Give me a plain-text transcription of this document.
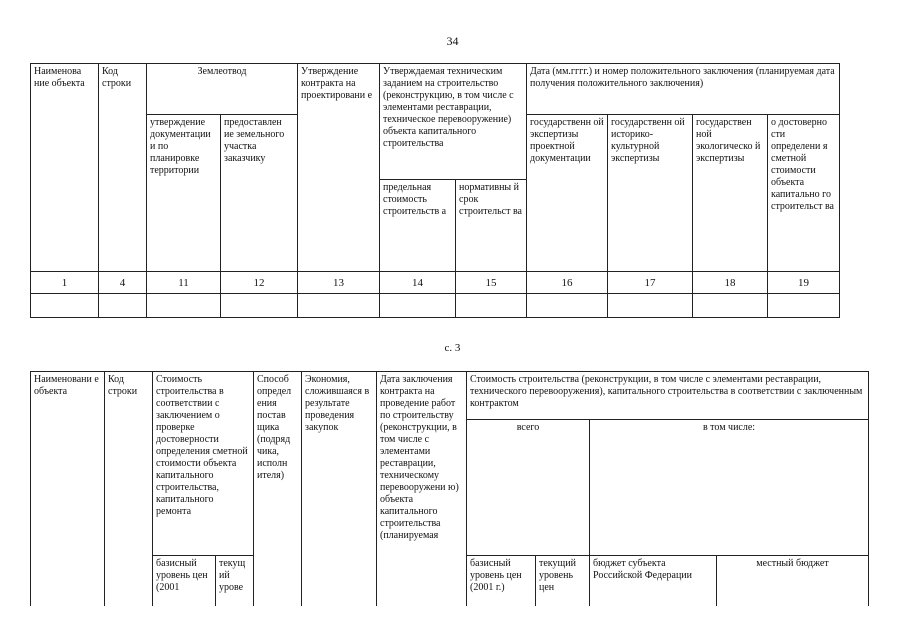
34
Наименова ние объекта	Код строки	Землеотвод		Утверждение контракта на проектировани е	Утверждаемая техническим заданием на строительство (реконструкцию, в том числе с элементами реставрации, техническое перевооружение) объекта капитального строительства		Дата (мм.гггг.) и номер положительного заключения (планируемая дата получения положительного заключения)			
		утверждение документации и по планировке территории	предоставлен ие земельного участка заказчику				государственн ой экспертизы проектной документации	государственн ой историко-культурной экспертизы	государствен ной экологическо й экспертизы	о достоверно сти определени я сметной стоимости объекта капитально го строительст ва
					предельная стоимость строительств а	нормативны й срок строительст ва				
1	4	11	12	13	14	15	16	17	18	19

с. 3
Наименовани е объекта	Код строки	Стоимость строительства в соответствии с заключением о проверке достоверности определения сметной стоимости объекта капитального строительства, капитального ремонта		Способ определ ения постав щика (подряд чика, исполн ителя)	Экономия, сложившаяся в результате проведения закупок	Дата заключения контракта на проведение работ по строительству (реконструкции, в том числе с элементами реставрации, техническому перевооружени ю) объекта капитального строительства (планируемая	Стоимость строительства (реконструкции, в том числе с элементами реставрации, технического перевооружения), капитального строительства в соответствии с заключенным контрактом			
							всего		в том числе:	
		базисный уровень цен (2001	текущ ий урове				базисный уровень цен (2001 г.)	текущий уровень цен	бюджет субъекта Российской Федерации	местный бюджет
